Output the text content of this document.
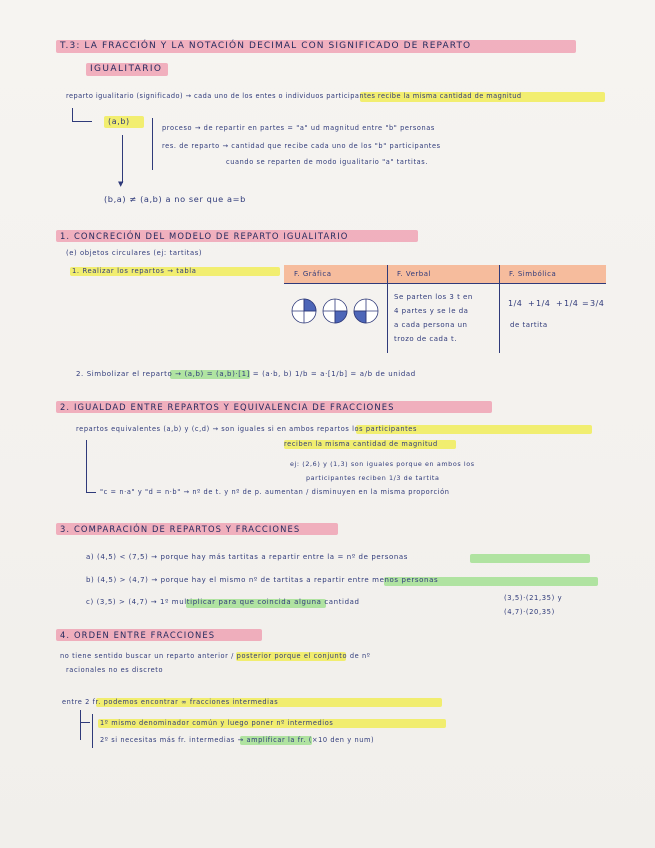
T.3: LA FRACCIÓN Y LA NOTACIÓN DECIMAL CON SIGNIFICADO DE REPARTO
IGUALITARIO
reparto igualitario (significado) → cada uno de los entes o individuos participantes recibe la misma cantidad de magnitud
(a,b)
proceso → de repartir en partes = "a" ud magnitud entre "b" personas
res. de reparto → cantidad que recibe cada uno de los "b" participantes
cuando se reparten de modo igualitario "a" tartitas.
▼
(b,a) ≠ (a,b) a no ser que a=b
1. CONCRECIÓN DEL MODELO DE REPARTO IGUALITARIO
(e) objetos circulares (ej: tartitas)
1. Realizar los repartos → tabla	F. Gráfica	F. Verbal	F. Simbólica
Se parten los 3 t en
4 partes y se le da
a cada persona un
trozo de cada t.
1/4 + 1/4 + 1/4 = 3/4
de tartita
2. Simbolizar el reparto → (a,b) = (a,b)·[1] = (a·b, b) 1/b = a·[1/b] = a/b de unidad
2. IGUALDAD ENTRE REPARTOS Y EQUIVALENCIA DE FRACCIONES
repartos equivalentes (a,b) y (c,d) → son iguales si en ambos repartos los participantes
reciben la misma cantidad de magnitud
ej: (2,6) y (1,3) son iguales porque en ambos los
participantes reciben 1/3 de tartita
"c = n·a" y "d = n·b" → nº de t. y nº de p. aumentan / disminuyen en la misma proporción
3. COMPARACIÓN DE REPARTOS Y FRACCIONES
a) (4,5) < (7,5) → porque hay más tartitas a repartir entre la = nº de personas
b) (4,5) > (4,7) → porque hay el mismo nº de tartitas a repartir entre menos personas
c) (3,5) > (4,7) → 1º multiplicar para que coincida alguna cantidad	(3,5)·(21,35) y
(4,7)·(20,35)
4. ORDEN ENTRE FRACCIONES
no tiene sentido buscar un reparto anterior / posterior porque el conjunto de nº
racionales no es discreto
entre 2 fr. podemos encontrar ∞ fracciones intermedias
1º mismo denominador común y luego poner nº intermedios
2º si necesitas más fr. intermedias → amplificar la fr. (×10 den y num)
